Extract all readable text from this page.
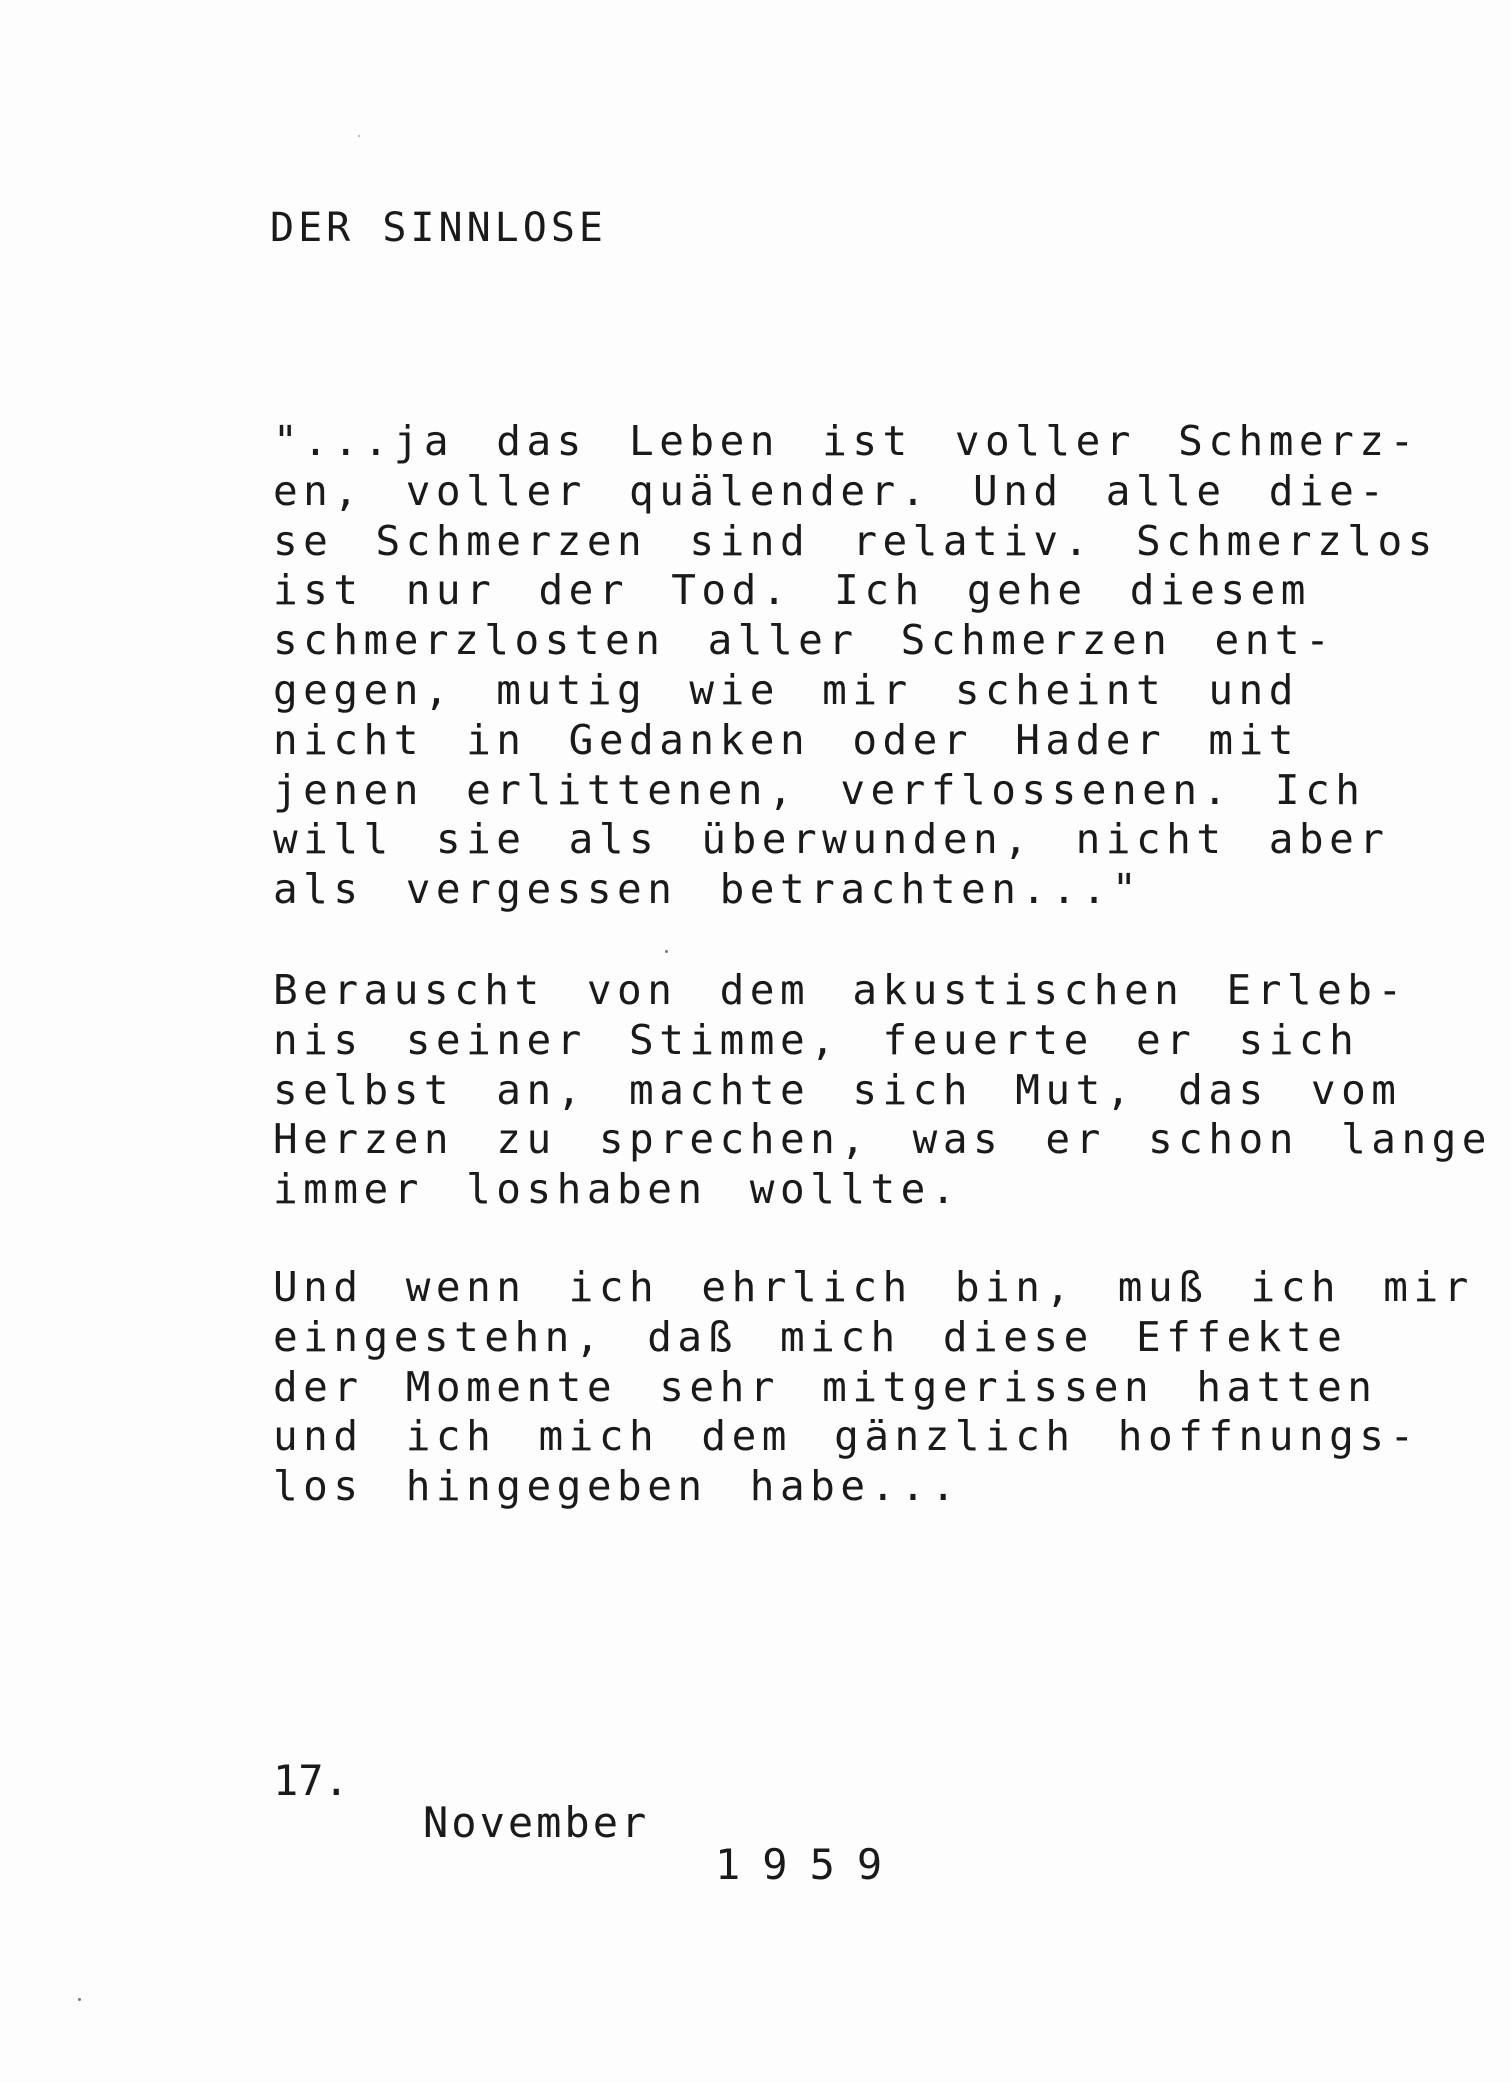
DER SINNLOSE

"...ja das Leben ist voller Schmerz-
en, voller quälender. Und alle die-
se Schmerzen sind relativ. Schmerzlos
ist nur der Tod. Ich gehe diesem
schmerzlosten aller Schmerzen ent-
gegen, mutig wie mir scheint und
nicht in Gedanken oder Hader mit
jenen erlittenen, verflossenen. Ich
will sie als überwunden, nicht aber
als vergessen betrachten..."

Berauscht von dem akustischen Erleb-
nis seiner Stimme, feuerte er sich
selbst an, machte sich Mut, das vom
Herzen zu sprechen, was er schon lange
immer loshaben wollte.

Und wenn ich ehrlich bin, muß ich mir
eingestehn, daß mich diese Effekte
der Momente sehr mitgerissen hatten
und ich mich dem gänzlich hoffnungs-
los hingegeben habe...

17.

November

1959
